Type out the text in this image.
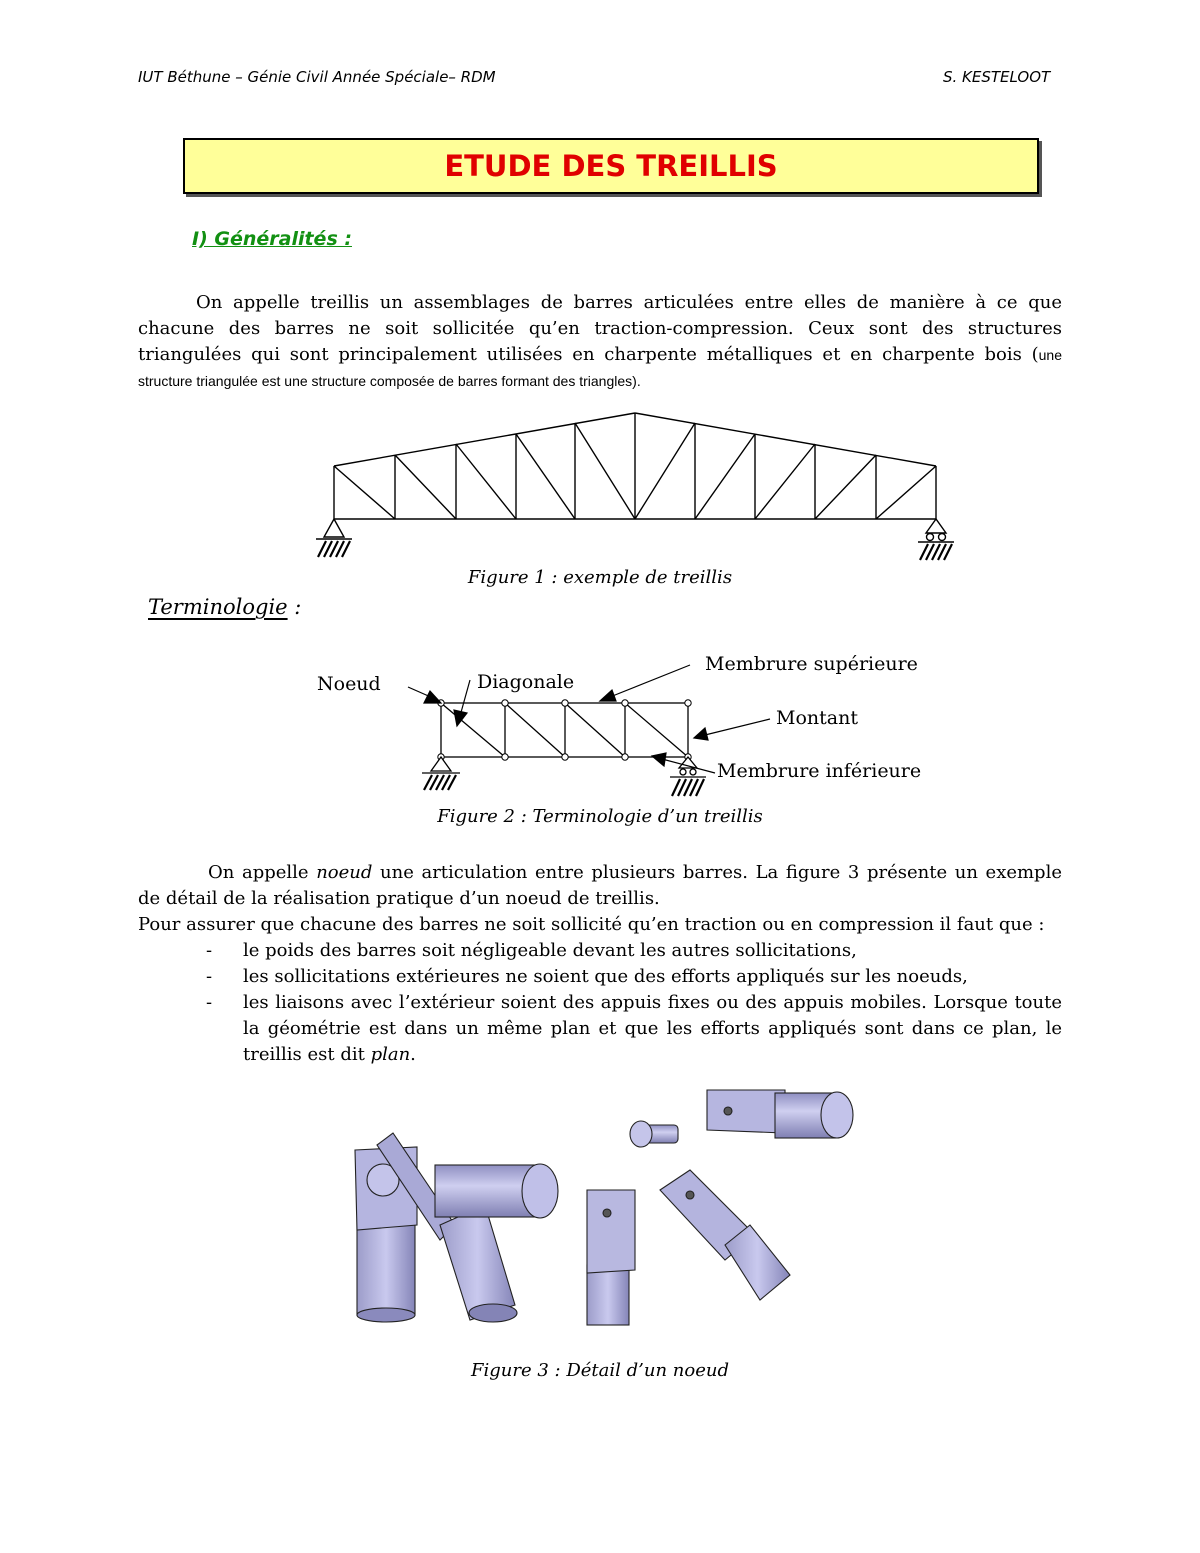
IUT Béthune – Génie Civil Année Spéciale– RDM	S. KESTELOOT
ETUDE DES TREILLIS
I) Généralités :
On appelle treillis un assemblages de barres articulées entre elles de manière à ce que chacune des barres ne soit sollicitée qu’en traction-compression. Ceux sont des structures triangulées qui sont principalement utilisées en charpente métalliques et en charpente bois (une structure triangulée est une structure composée de barres formant des triangles).
Figure 1 : exemple de treillis
Terminologie :
Noeud	Diagonale
Membrure supérieure
Montant
Membrure inférieure
Figure 2 : Terminologie d’un treillis
On appelle noeud une articulation entre plusieurs barres. La figure 3 présente un exemple de détail de la réalisation pratique d’un noeud de treillis.
Pour assurer que chacune des barres ne soit sollicité qu’en traction ou en compression il faut que :
- le poids des barres soit négligeable devant les autres sollicitations,
- les sollicitations extérieures ne soient que des efforts appliqués sur les noeuds,
- les liaisons avec l’extérieur soient des appuis fixes ou des appuis mobiles. Lorsque toute la géométrie est dans un même plan et que les efforts appliqués sont dans ce plan, le treillis est dit plan.
Figure 3 : Détail d’un noeud
